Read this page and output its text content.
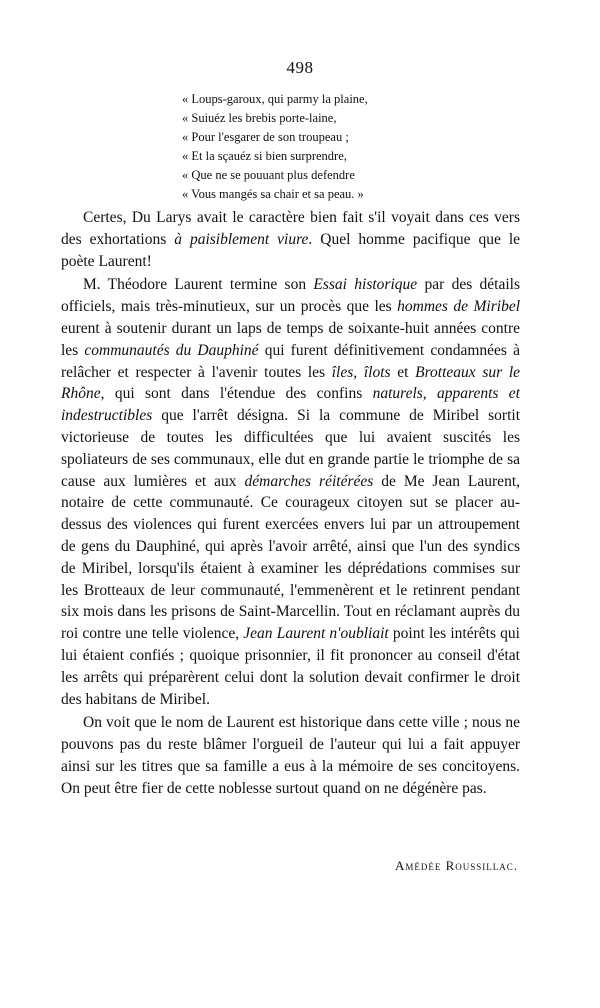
498
« Loups-garoux, qui parmy la plaine,
« Suiuéz les brebis porte-laine,
« Pour l'esgarer de son troupeau ;
« Et la sçauéz si bien surprendre,
« Que ne se pouuant plus defendre
« Vous mangés sa chair et sa peau. »

Certes, Du Larys avait le caractère bien fait s'il voyait dans ces vers des exhortations à paisiblement viure. Quel homme pacifique que le poète Laurent!

M. Théodore Laurent termine son Essai historique par des détails officiels, mais très-minutieux, sur un procès que les hommes de Miribel eurent à soutenir durant un laps de temps de soixante-huit années contre les communautés du Dauphiné qui furent définitivement condamnées à relâcher et respecter à l'avenir toutes les îles, îlots et Brotteaux sur le Rhône, qui sont dans l'étendue des confins naturels, apparents et indestructibles que l'arrêt désigna. Si la commune de Miribel sortit victorieuse de toutes les difficultées que lui avaient suscités les spoliateurs de ses communaux, elle dut en grande partie le triomphe de sa cause aux lumières et aux démarches réitérées de Me Jean Laurent, notaire de cette communauté. Ce courageux citoyen sut se placer au-dessus des violences qui furent exercées envers lui par un attroupement de gens du Dauphiné, qui après l'avoir arrêté, ainsi que l'un des syndics de Miribel, lorsqu'ils étaient à examiner les déprédations commises sur les Brotteaux de leur communauté, l'emmenèrent et le retinrent pendant six mois dans les prisons de Saint-Marcellin. Tout en réclamant auprès du roi contre une telle violence, Jean Laurent n'oubliait point les intérêts qui lui étaient confiés ; quoique prisonnier, il fit prononcer au conseil d'état les arrêts qui préparèrent celui dont la solution devait confirmer le droit des habitans de Miribel.

On voit que le nom de Laurent est historique dans cette ville ; nous ne pouvons pas du reste blâmer l'orgueil de l'auteur qui lui a fait appuyer ainsi sur les titres que sa famille a eus à la mémoire de ses concitoyens. On peut être fier de cette noblesse surtout quand on ne dégénère pas.

Amédée Roussillac.
